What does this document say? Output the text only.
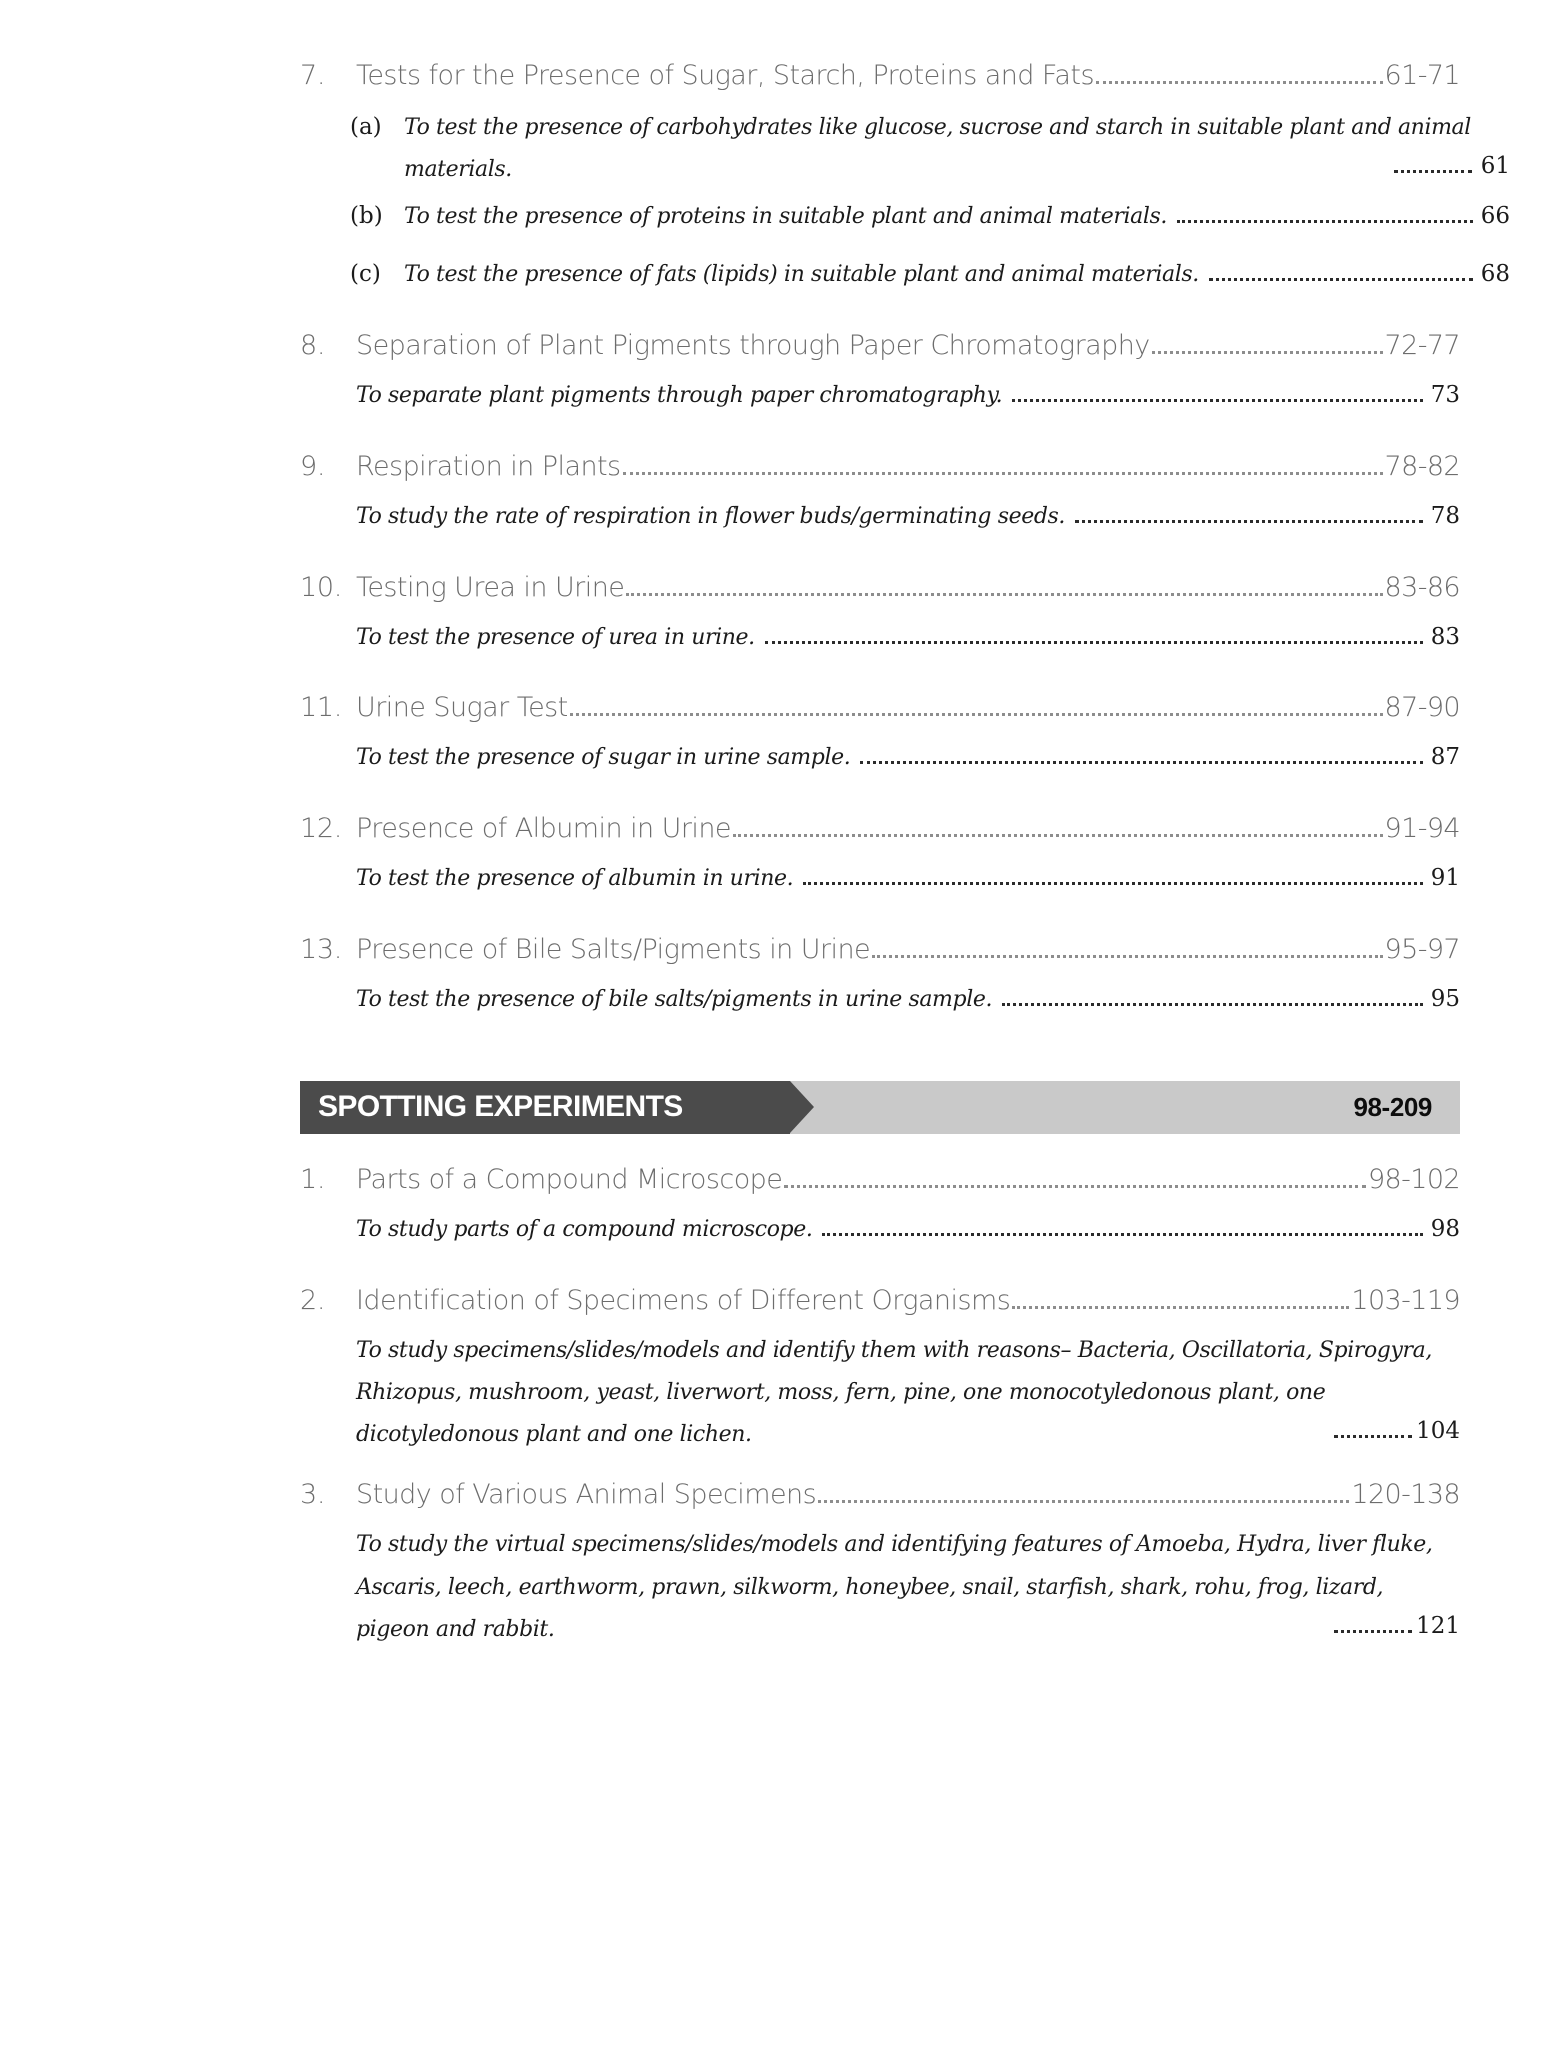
7.	Tests for the Presence of Sugar, Starch, Proteins and Fats	61-71
(a)	To test the presence of carbohydrates like glucose, sucrose and starch in suitable plant and animal materials.	61
(b) To test the presence of proteins in suitable plant and animal materials.	66
(c)	To test the presence of fats (lipids) in suitable plant and animal materials.	68
8.	Separation of Plant Pigments through Paper Chromatography	72-77
To separate plant pigments through paper chromatography.	73
9.	Respiration in Plants	78-82
To study the rate of respiration in flower buds/germinating seeds.	78
10. Testing Urea in Urine	83-86
To test the presence of urea in urine.	83
11. Urine Sugar Test	87-90
To test the presence of sugar in urine sample.	87
12. Presence of Albumin in Urine	91-94
To test the presence of albumin in urine.	91
13. Presence of Bile Salts/Pigments in Urine	95-97
To test the presence of bile salts/pigments in urine sample.	95
SPOTTING EXPERIMENTS	98-209
1.	Parts of a Compound Microscope	98-102
To study parts of a compound microscope.	98
2.	Identification of Specimens of Different Organisms	103-119
To study specimens/slides/models and identify them with reasons– Bacteria, Oscillatoria, Spirogyra, Rhizopus, mushroom, yeast, liverwort, moss, fern, pine, one monocotyledonous plant, one dicotyledonous plant and one lichen.	104
3.	Study of Various Animal Specimens	120-138
To study the virtual specimens/slides/models and identifying features of Amoeba, Hydra, liver fluke, Ascaris, leech, earthworm, prawn, silkworm, honeybee, snail, starfish, shark, rohu, frog, lizard, pigeon and rabbit.	121
